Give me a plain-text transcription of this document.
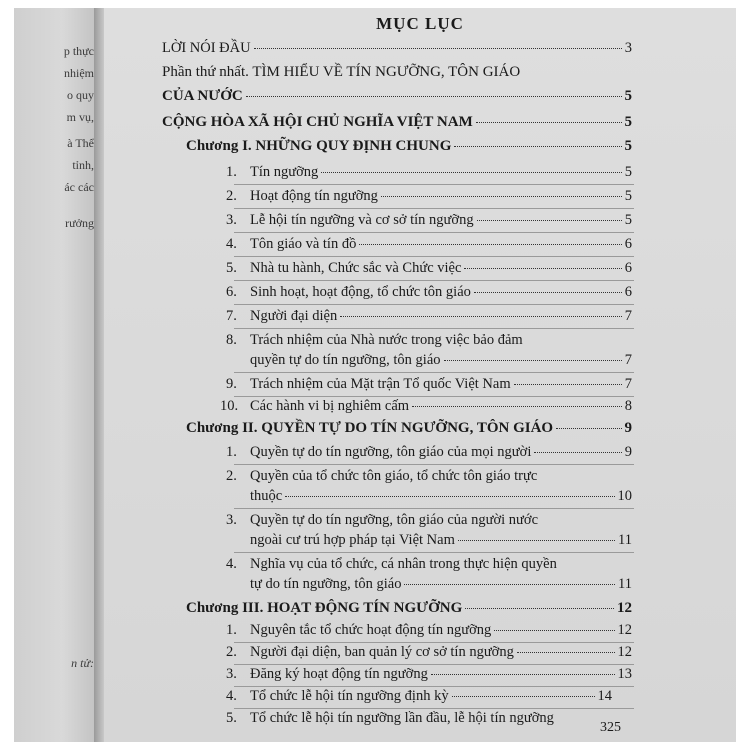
p thực
nhiệm
o quy
m vụ,
à Thể
tỉnh,
ác các
rưởng
n tử:
MỤC LỤC
LỜI NÓI ĐẦU	3
Phần thứ nhất. TÌM HIỂU VỀ TÍN NGƯỠNG, TÔN GIÁO
CỦA NƯỚC	5
CỘNG HÒA XÃ HỘI CHỦ NGHĨA VIỆT NAM	5
Chương I. NHỮNG QUY ĐỊNH CHUNG	5
1. Tín ngưỡng	5
2. Hoạt động tín ngưỡng	5
3. Lễ hội tín ngưỡng và cơ sở tín ngưỡng	5
4. Tôn giáo và tín đồ	6
5. Nhà tu hành, Chức sắc và Chức việc	6
6. Sinh hoạt, hoạt động, tổ chức tôn giáo	6
7. Người đại diện	7
8. Trách nhiệm của Nhà nước trong việc bảo đảm
quyền tự do tín ngưỡng, tôn giáo	7
9. Trách nhiệm của Mặt trận Tổ quốc Việt Nam	7
10. Các hành vi bị nghiêm cấm	8
Chương II. QUYỀN TỰ DO TÍN NGƯỠNG, TÔN GIÁO	9
1. Quyền tự do tín ngưỡng, tôn giáo của mọi người	9
2. Quyền của tổ chức tôn giáo, tổ chức tôn giáo trực
thuộc	10
3. Quyền tự do tín ngưỡng, tôn giáo của người nước
ngoài cư trú hợp pháp tại Việt Nam	11
4. Nghĩa vụ của tổ chức, cá nhân trong thực hiện quyền
tự do tín ngưỡng, tôn giáo	11
Chương III. HOẠT ĐỘNG TÍN NGƯỠNG	12
1. Nguyên tắc tổ chức hoạt động tín ngưỡng	12
2. Người đại diện, ban quản lý cơ sở tín ngưỡng	12
3. Đăng ký hoạt động tín ngưỡng	13
4. Tổ chức lễ hội tín ngưỡng định kỳ	14
5. Tổ chức lễ hội tín ngưỡng lần đầu, lễ hội tín ngưỡng
325
